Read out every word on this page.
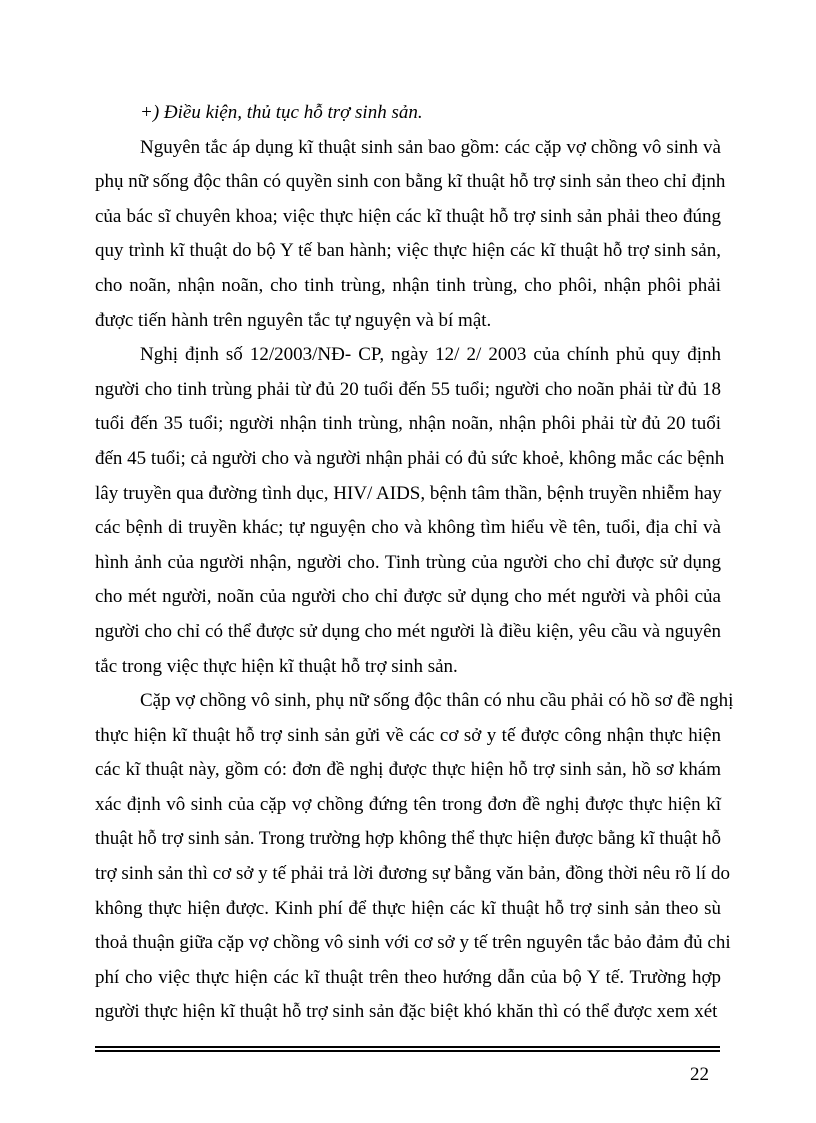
+) Điều kiện, thủ tục hỗ trợ sinh sản.

Nguyên tắc áp dụng kĩ thuật sinh sản bao gồm: các cặp vợ chồng vô sinh và
phụ nữ sống độc thân có quyền sinh con bằng kĩ thuật hỗ trợ sinh sản theo chỉ định
của bác sĩ chuyên khoa; việc thực hiện các kĩ thuật hỗ trợ sinh sản phải theo đúng
quy trình kĩ thuật do bộ Y tế ban hành; việc thực hiện các kĩ thuật hỗ trợ sinh sản,
cho noãn, nhận noãn, cho tinh trùng, nhận tinh trùng, cho phôi, nhận phôi phải
được tiến hành trên nguyên tắc tự nguyện và bí mật.
Nghị định số 12/2003/NĐ- CP, ngày 12/ 2/ 2003 của chính phủ quy định
người cho tinh trùng phải từ đủ 20 tuổi đến 55 tuổi; người cho noãn phải từ đủ 18
tuổi đến 35 tuổi; người nhận tinh trùng, nhận noãn, nhận phôi phải từ đủ 20 tuổi
đến 45 tuổi; cả người cho và người nhận phải có đủ sức khoẻ, không mắc các bệnh
lây truyền qua đường tình dục, HIV/ AIDS, bệnh tâm thần, bệnh truyền nhiễm hay
các bệnh di truyền khác; tự nguyện cho và không tìm hiểu về tên, tuổi, địa chỉ và
hình ảnh của người nhận, người cho. Tinh trùng của người cho chỉ được sử dụng
cho mét người, noãn của người cho chỉ được sử dụng cho mét người và phôi của
người cho chỉ có thể được sử dụng cho mét người là điều kiện, yêu cầu và nguyên
tắc trong việc thực hiện kĩ thuật hỗ trợ sinh sản.
Cặp vợ chồng vô sinh, phụ nữ sống độc thân có nhu cầu phải có hồ sơ đề nghị
thực hiện kĩ thuật hỗ trợ sinh sản gửi về các cơ sở y tế được công nhận thực hiện
các kĩ thuật này, gồm có: đơn đề nghị được thực hiện hỗ trợ sinh sản, hồ sơ khám
xác định vô sinh của cặp vợ chồng đứng tên trong đơn đề nghị được thực hiện kĩ
thuật hỗ trợ sinh sản. Trong trường hợp không thể thực hiện được bằng kĩ thuật hỗ
trợ sinh sản thì cơ sở y tế phải trả lời đương sự bằng văn bản, đồng thời nêu rõ lí do
không thực hiện được. Kinh phí để thực hiện các kĩ thuật hỗ trợ sinh sản theo sù
thoả thuận giữa cặp vợ chồng vô sinh với cơ sở y tế trên nguyên tắc bảo đảm đủ chi
phí cho việc thực hiện các kĩ thuật trên theo hướng dẫn của bộ Y tế. Trường hợp
người thực hiện kĩ thuật hỗ trợ sinh sản đặc biệt khó khăn thì có thể được xem xét
22
